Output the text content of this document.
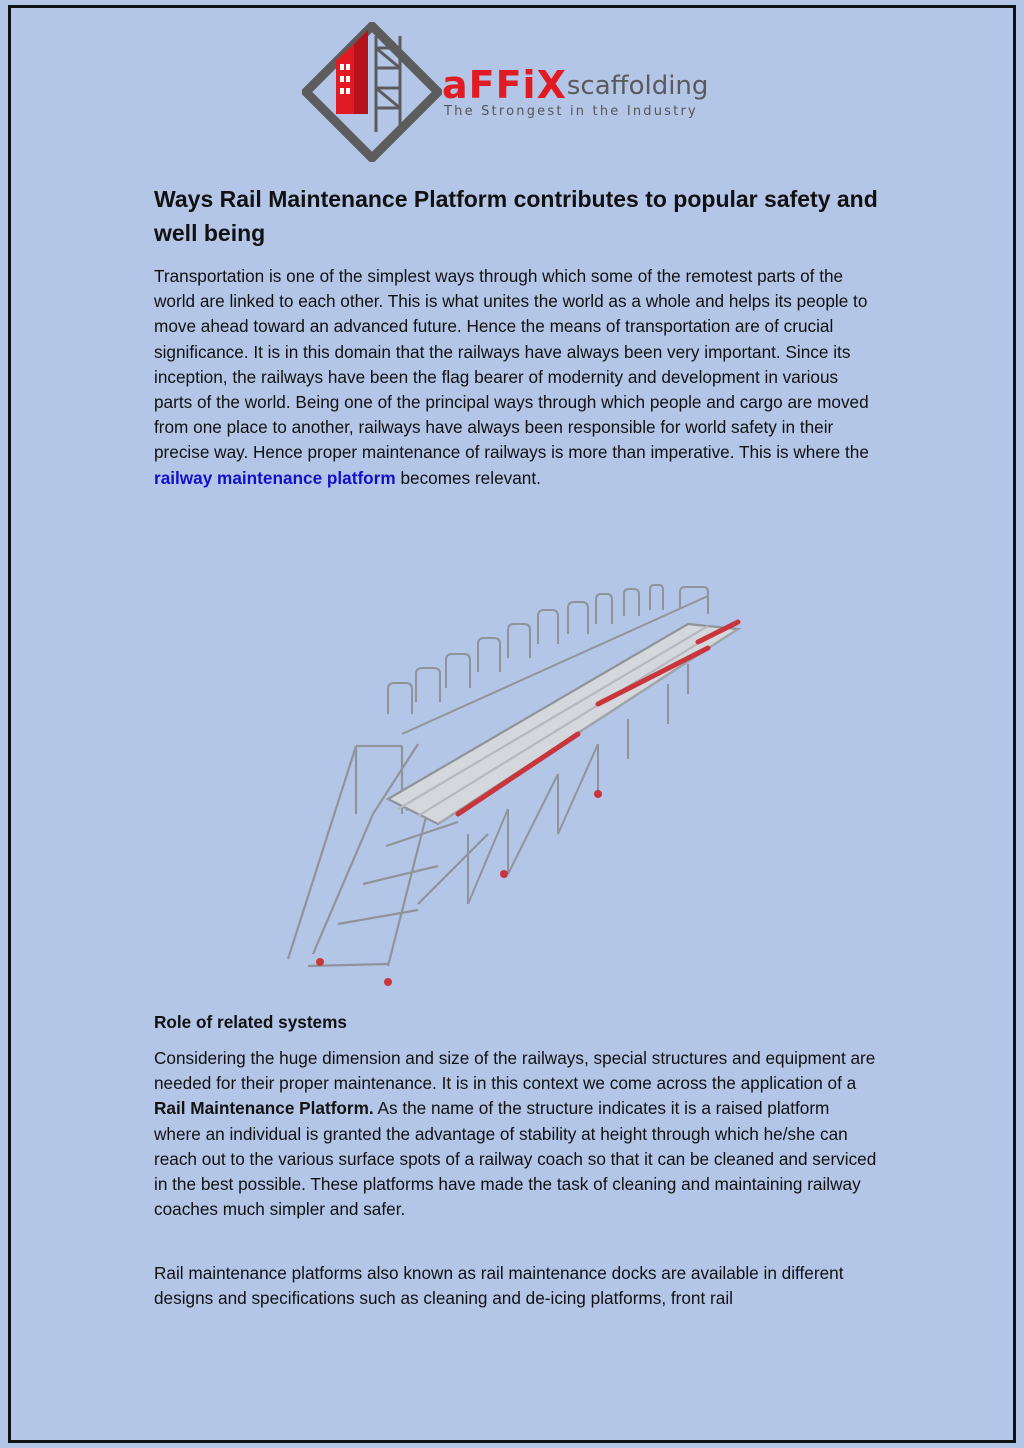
aFFiXscaffolding
The Strongest in the Industry
Ways Rail Maintenance Platform contributes to popular safety and well being

Transportation is one of the simplest ways through which some of the remotest parts of the world are linked to each other. This is what unites the world as a whole and helps its people to move ahead toward an advanced future. Hence the means of transportation are of crucial significance. It is in this domain that the railways have always been very important. Since its inception, the railways have been the flag bearer of modernity and development in various parts of the world. Being one of the principal ways through which people and cargo are moved from one place to another, railways have always been responsible for world safety in their precise way. Hence proper maintenance of railways is more than imperative. This is where the railway maintenance platform becomes relevant.

Role of related systems

Considering the huge dimension and size of the railways, special structures and equipment are needed for their proper maintenance. It is in this context we come across the application of a Rail Maintenance Platform. As the name of the structure indicates it is a raised platform where an individual is granted the advantage of stability at height through which he/she can reach out to the various surface spots of a railway coach so that it can be cleaned and serviced in the best possible. These platforms have made the task of cleaning and maintaining railway coaches much simpler and safer.

Rail maintenance platforms also known as rail maintenance docks are available in different designs and specifications such as cleaning and de-icing platforms, front rail
